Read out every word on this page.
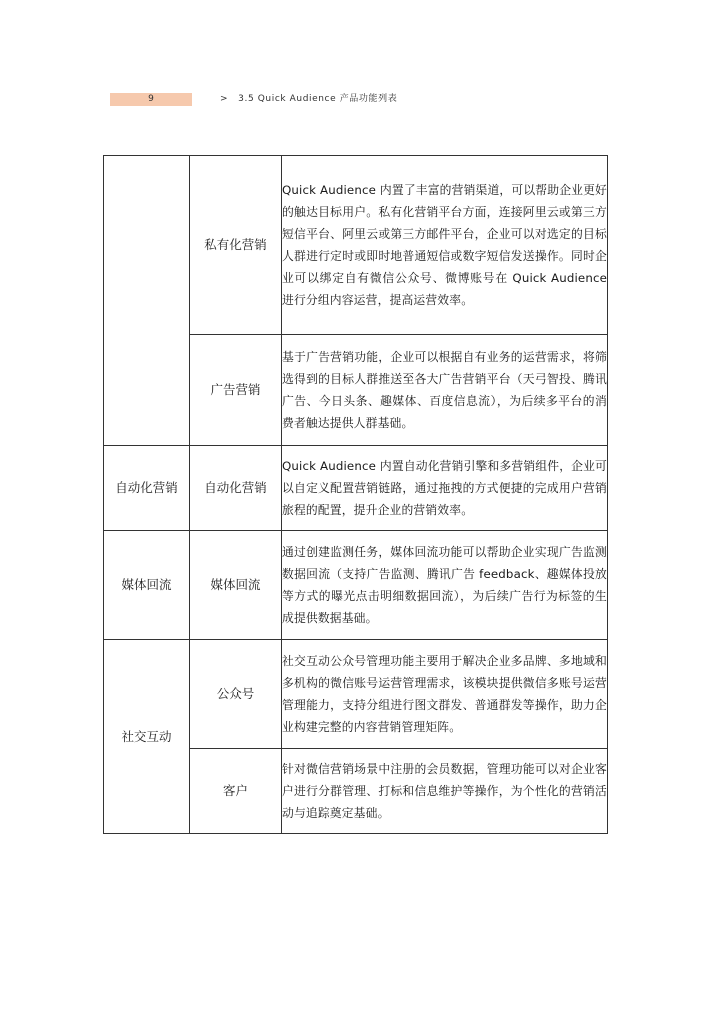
9	> 3.5 Quick Audience 产品功能列表
	私有化营销	Quick Audience 内置了丰富的营销渠道，可以帮助企业更好的触达目标用户。私有化营销平台方面，连接阿里云或第三方短信平台、阿里云或第三方邮件平台，企业可以对选定的目标人群进行定时或即时地普通短信或数字短信发送操作。同时企业可以绑定自有微信公众号、微博账号在 Quick Audience 进行分组内容运营，提高运营效率。
	广告营销	基于广告营销功能，企业可以根据自有业务的运营需求，将筛选得到的目标人群推送至各大广告营销平台（天弓智投、腾讯广告、今日头条、趣媒体、百度信息流），为后续多平台的消费者触达提供人群基础。
自动化营销	自动化营销	Quick Audience 内置自动化营销引擎和多营销组件，企业可以自定义配置营销链路，通过拖拽的方式便捷的完成用户营销旅程的配置，提升企业的营销效率。
媒体回流	媒体回流	通过创建监测任务，媒体回流功能可以帮助企业实现广告监测数据回流（支持广告监测、腾讯广告 feedback、趣媒体投放等方式的曝光点击明细数据回流），为后续广告行为标签的生成提供数据基础。
社交互动	公众号	社交互动公众号管理功能主要用于解决企业多品牌、多地域和多机构的微信账号运营管理需求，该模块提供微信多账号运营管理能力，支持分组进行图文群发、普通群发等操作，助力企业构建完整的内容营销管理矩阵。
	客户	针对微信营销场景中注册的会员数据，管理功能可以对企业客户进行分群管理、打标和信息维护等操作，为个性化的营销活动与追踪奠定基础。
